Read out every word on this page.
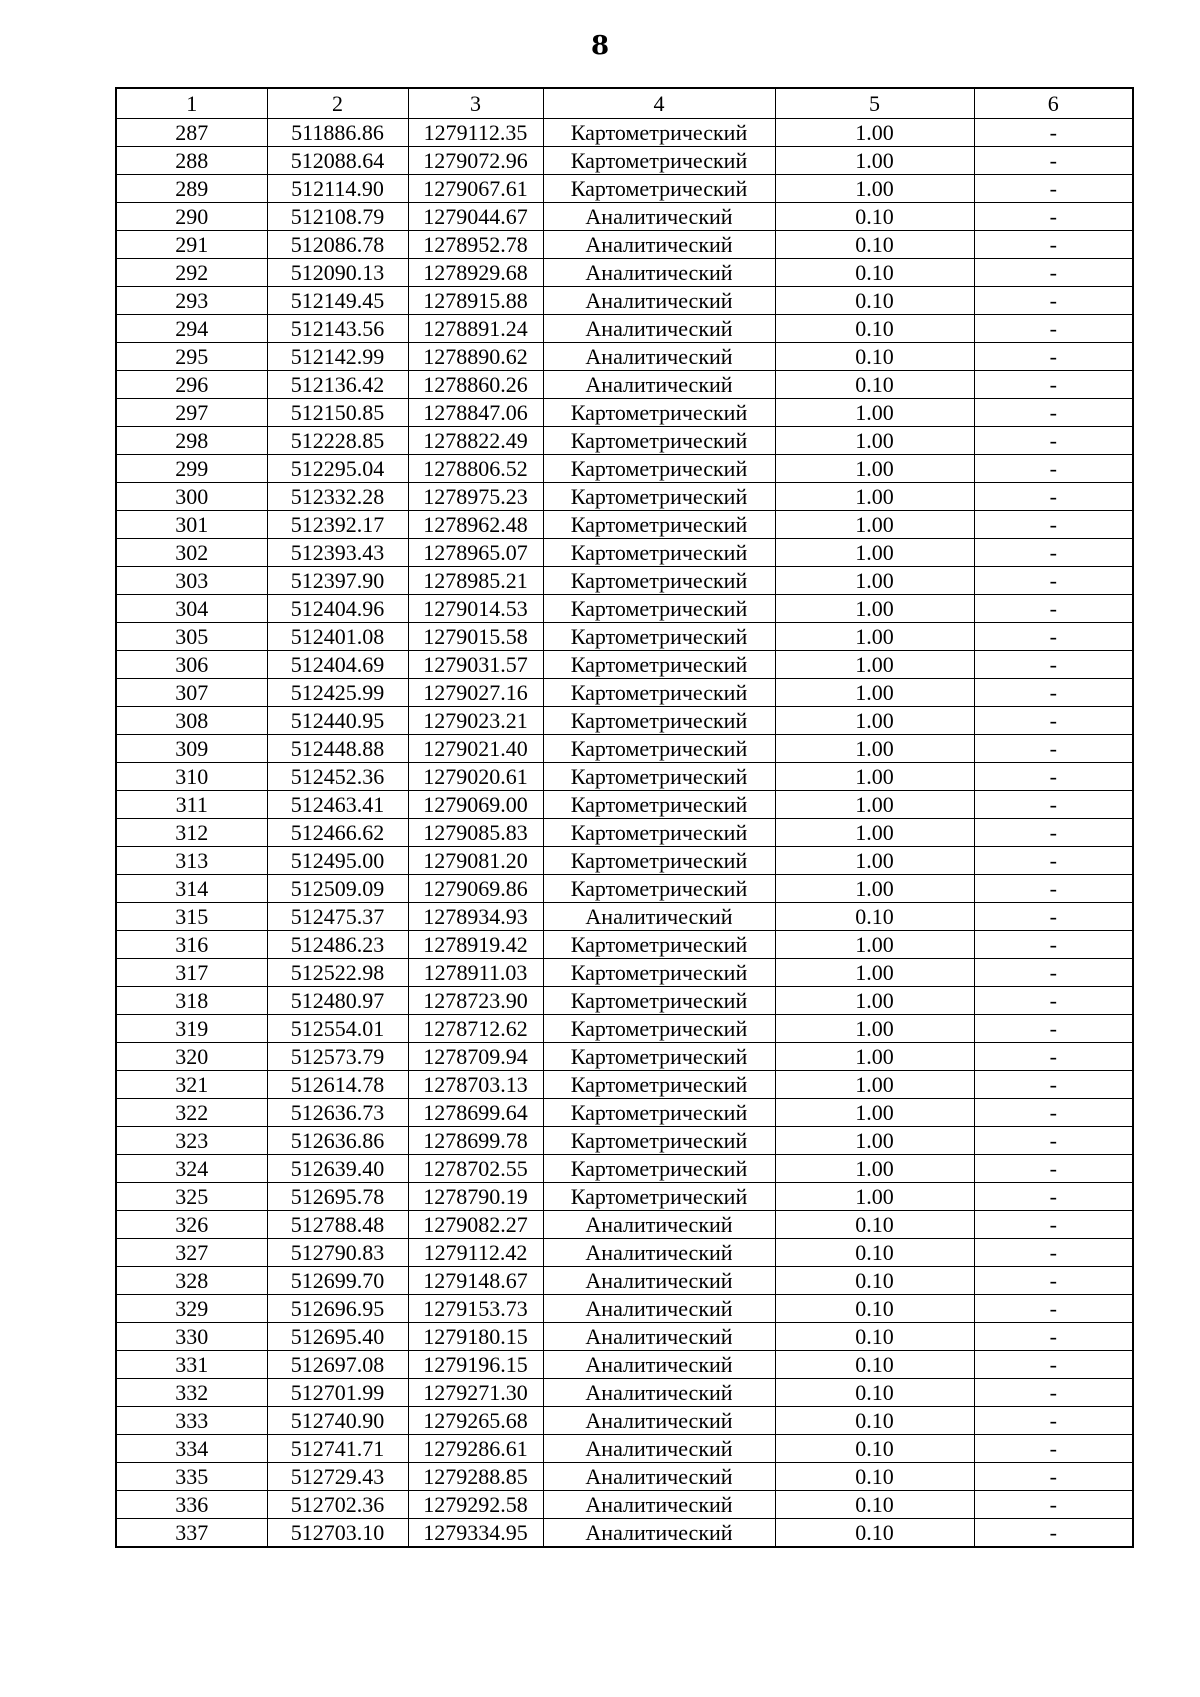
8
1	2	3	4	5	6
287	511886.86	1279112.35	Картометрический	1.00	-
288	512088.64	1279072.96	Картометрический	1.00	-
289	512114.90	1279067.61	Картометрический	1.00	-
290	512108.79	1279044.67	Аналитический	0.10	-
291	512086.78	1278952.78	Аналитический	0.10	-
292	512090.13	1278929.68	Аналитический	0.10	-
293	512149.45	1278915.88	Аналитический	0.10	-
294	512143.56	1278891.24	Аналитический	0.10	-
295	512142.99	1278890.62	Аналитический	0.10	-
296	512136.42	1278860.26	Аналитический	0.10	-
297	512150.85	1278847.06	Картометрический	1.00	-
298	512228.85	1278822.49	Картометрический	1.00	-
299	512295.04	1278806.52	Картометрический	1.00	-
300	512332.28	1278975.23	Картометрический	1.00	-
301	512392.17	1278962.48	Картометрический	1.00	-
302	512393.43	1278965.07	Картометрический	1.00	-
303	512397.90	1278985.21	Картометрический	1.00	-
304	512404.96	1279014.53	Картометрический	1.00	-
305	512401.08	1279015.58	Картометрический	1.00	-
306	512404.69	1279031.57	Картометрический	1.00	-
307	512425.99	1279027.16	Картометрический	1.00	-
308	512440.95	1279023.21	Картометрический	1.00	-
309	512448.88	1279021.40	Картометрический	1.00	-
310	512452.36	1279020.61	Картометрический	1.00	-
311	512463.41	1279069.00	Картометрический	1.00	-
312	512466.62	1279085.83	Картометрический	1.00	-
313	512495.00	1279081.20	Картометрический	1.00	-
314	512509.09	1279069.86	Картометрический	1.00	-
315	512475.37	1278934.93	Аналитический	0.10	-
316	512486.23	1278919.42	Картометрический	1.00	-
317	512522.98	1278911.03	Картометрический	1.00	-
318	512480.97	1278723.90	Картометрический	1.00	-
319	512554.01	1278712.62	Картометрический	1.00	-
320	512573.79	1278709.94	Картометрический	1.00	-
321	512614.78	1278703.13	Картометрический	1.00	-
322	512636.73	1278699.64	Картометрический	1.00	-
323	512636.86	1278699.78	Картометрический	1.00	-
324	512639.40	1278702.55	Картометрический	1.00	-
325	512695.78	1278790.19	Картометрический	1.00	-
326	512788.48	1279082.27	Аналитический	0.10	-
327	512790.83	1279112.42	Аналитический	0.10	-
328	512699.70	1279148.67	Аналитический	0.10	-
329	512696.95	1279153.73	Аналитический	0.10	-
330	512695.40	1279180.15	Аналитический	0.10	-
331	512697.08	1279196.15	Аналитический	0.10	-
332	512701.99	1279271.30	Аналитический	0.10	-
333	512740.90	1279265.68	Аналитический	0.10	-
334	512741.71	1279286.61	Аналитический	0.10	-
335	512729.43	1279288.85	Аналитический	0.10	-
336	512702.36	1279292.58	Аналитический	0.10	-
337	512703.10	1279334.95	Аналитический	0.10	-
